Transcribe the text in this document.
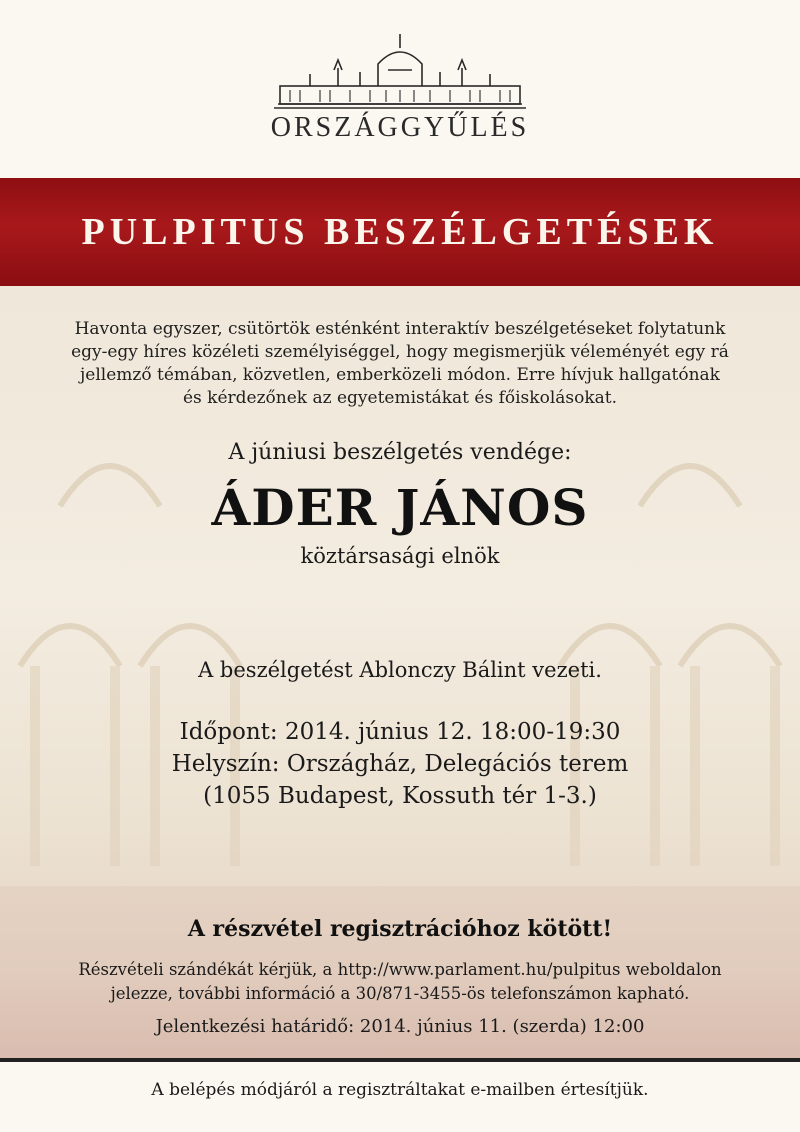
ORSZÁGGYŰLÉS
PULPITUS BESZÉLGETÉSEK
Havonta egyszer, csütörtök esténként interaktív beszélgetéseket folytatunk
egy-egy híres közéleti személyiséggel, hogy megismerjük véleményét egy rá
jellemző témában, közvetlen, emberközeli módon. Erre hívjuk hallgatónak
és kérdezőnek az egyetemistákat és főiskolásokat.
A júniusi beszélgetés vendége:
ÁDER JÁNOS
köztársasági elnök
A beszélgetést Ablonczy Bálint vezeti.
Időpont: 2014. június 12. 18:00-19:30
Helyszín: Országház, Delegációs terem
(1055 Budapest, Kossuth tér 1-3.)
A részvétel regisztrációhoz kötött!
Részvételi szándékát kérjük, a http://www.parlament.hu/pulpitus weboldalon
jelezze, további információ a 30/871-3455-ös telefonszámon kapható.
Jelentkezési határidő: 2014. június 11. (szerda) 12:00
A belépés módjáról a regisztráltakat e-mailben értesítjük.
